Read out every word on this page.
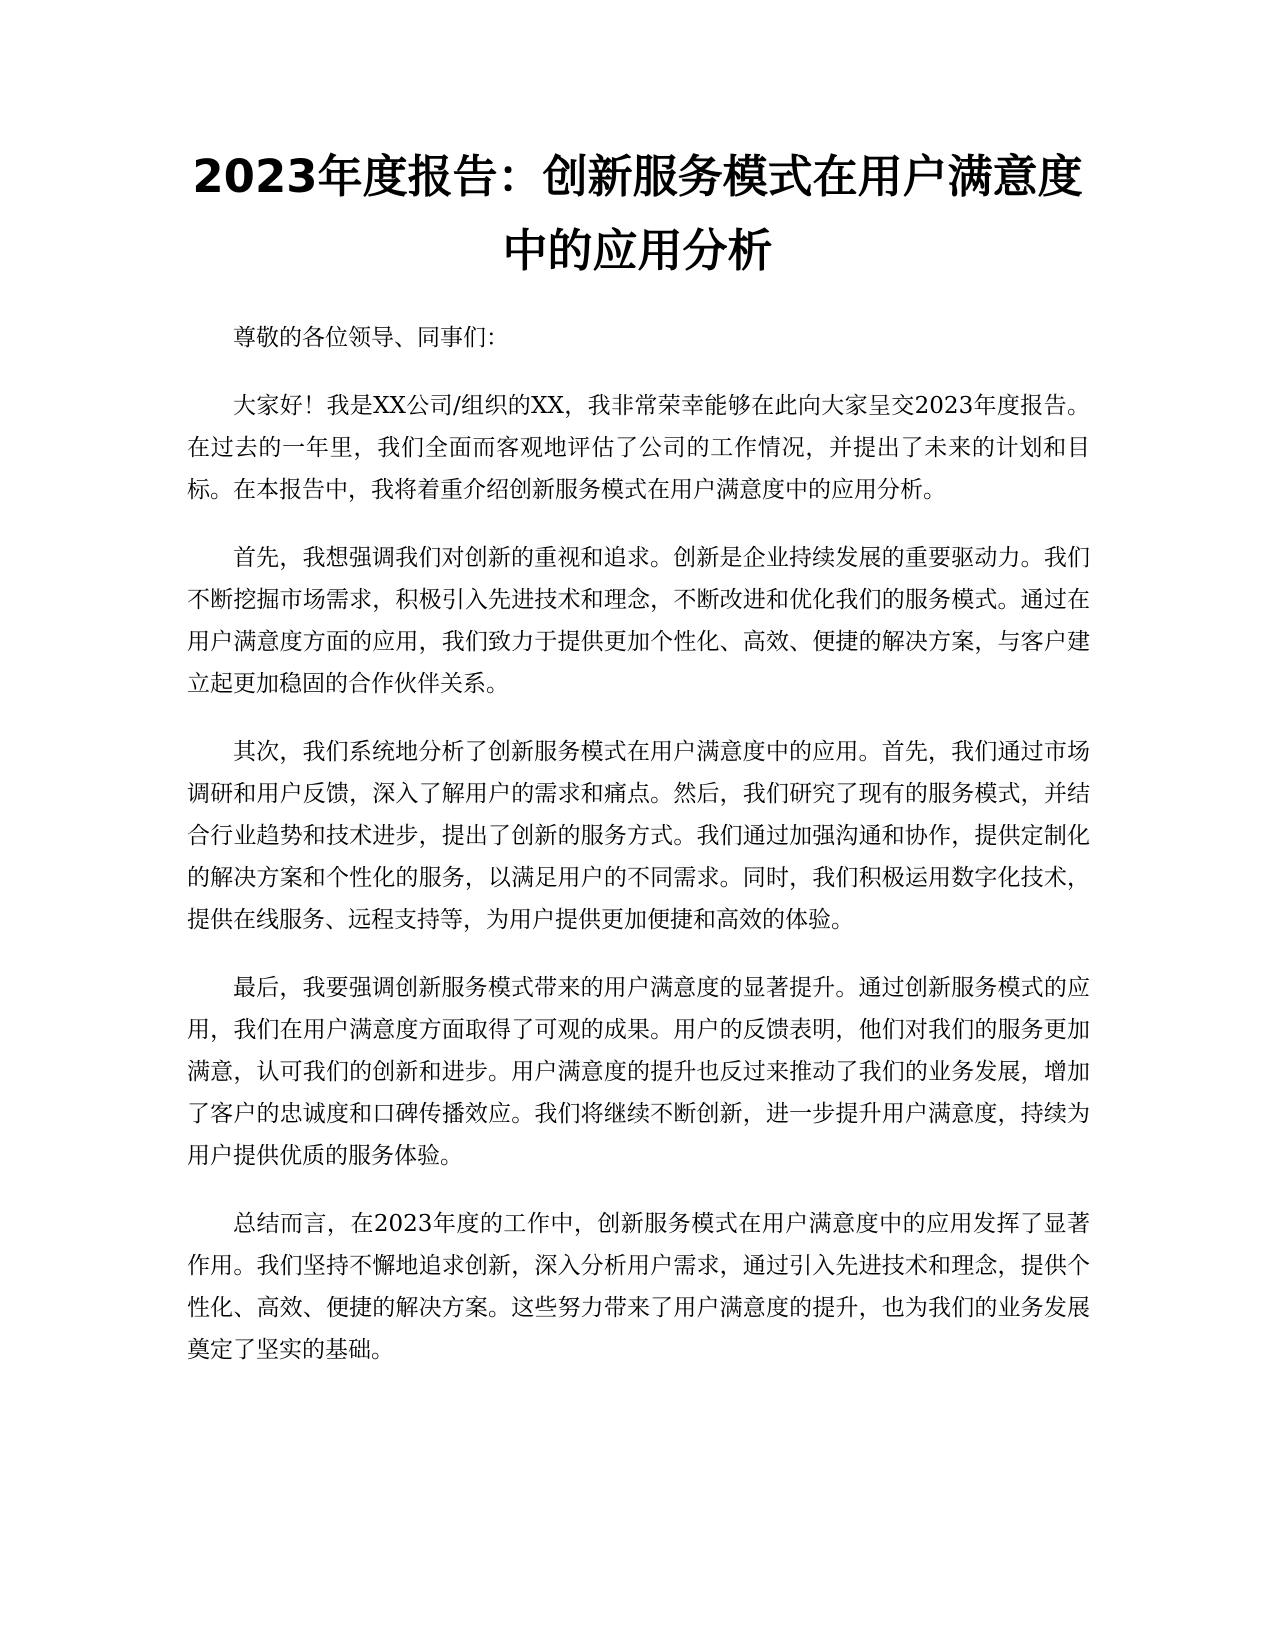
2023年度报告：创新服务模式在用户满意度中的应用分析

尊敬的各位领导、同事们：

大家好！我是XX公司/组织的XX，我非常荣幸能够在此向大家呈交2023年度报告。在过去的一年里，我们全面而客观地评估了公司的工作情况，并提出了未来的计划和目标。在本报告中，我将着重介绍创新服务模式在用户满意度中的应用分析。

首先，我想强调我们对创新的重视和追求。创新是企业持续发展的重要驱动力。我们不断挖掘市场需求，积极引入先进技术和理念，不断改进和优化我们的服务模式。通过在用户满意度方面的应用，我们致力于提供更加个性化、高效、便捷的解决方案，与客户建立起更加稳固的合作伙伴关系。

其次，我们系统地分析了创新服务模式在用户满意度中的应用。首先，我们通过市场调研和用户反馈，深入了解用户的需求和痛点。然后，我们研究了现有的服务模式，并结合行业趋势和技术进步，提出了创新的服务方式。我们通过加强沟通和协作，提供定制化的解决方案和个性化的服务，以满足用户的不同需求。同时，我们积极运用数字化技术，提供在线服务、远程支持等，为用户提供更加便捷和高效的体验。

最后，我要强调创新服务模式带来的用户满意度的显著提升。通过创新服务模式的应用，我们在用户满意度方面取得了可观的成果。用户的反馈表明，他们对我们的服务更加满意，认可我们的创新和进步。用户满意度的提升也反过来推动了我们的业务发展，增加了客户的忠诚度和口碑传播效应。我们将继续不断创新，进一步提升用户满意度，持续为用户提供优质的服务体验。

总结而言，在2023年度的工作中，创新服务模式在用户满意度中的应用发挥了显著作用。我们坚持不懈地追求创新，深入分析用户需求，通过引入先进技术和理念，提供个性化、高效、便捷的解决方案。这些努力带来了用户满意度的提升，也为我们的业务发展奠定了坚实的基础。
